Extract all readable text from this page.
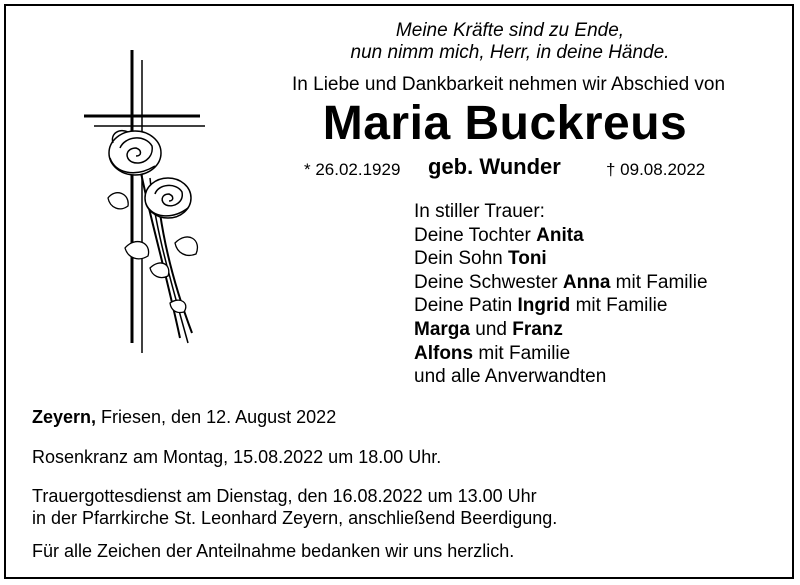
Meine Kräfte sind zu Ende,
nun nimm mich, Herr, in deine Hände.
In Liebe und Dankbarkeit nehmen wir Abschied von
Maria Buckreus
* 26.02.1929 geb. Wunder	† 09.08.2022
In stiller Trauer:
Deine Tochter Anita
Dein Sohn Toni
Deine Schwester Anna mit Familie
Deine Patin Ingrid mit Familie
Marga und Franz
Alfons mit Familie
und alle Anverwandten
Zeyern, Friesen, den 12. August 2022
Rosenkranz am Montag, 15.08.2022 um 18.00 Uhr.
Trauergottesdienst am Dienstag, den 16.08.2022 um 13.00 Uhr
in der Pfarrkirche St. Leonhard Zeyern, anschließend Beerdigung.
Für alle Zeichen der Anteilnahme bedanken wir uns herzlich.
